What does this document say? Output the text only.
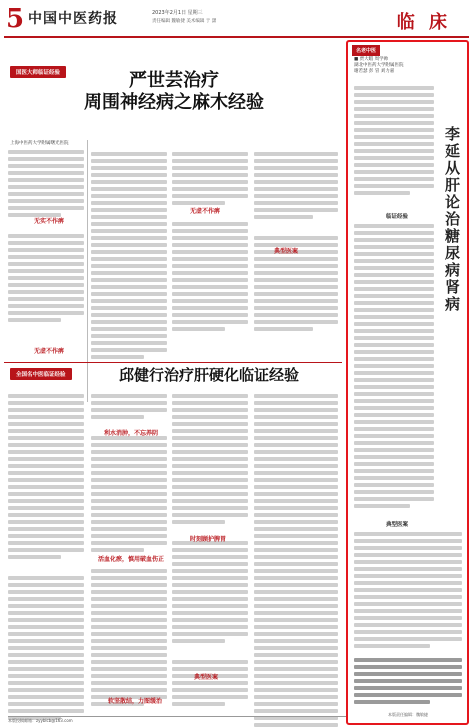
5 中国中医药报	2023年2月1日 星期三
责任编辑 魏敏捷 美术编辑 于 潇	临 床
国医大师临证经验	严世芸治疗
周围神经病之麻木经验
上海中医药大学附属曙光医院
无实不作痹
无虚不作痹
无虚不作痹
典型医案
全国名中医临证经验	邱健行治疗肝硬化临证经验
利水消肿，不忘养阴
活血化瘀，慎用破血伤正
软坚散结，力图缓治
时刻顾护脾胃
典型医案
本版投稿邮箱：zyyblcb@163.com
名老中医
■ 贾大暇 周学帅
湖北中医药大学附属医院
谢若瑟 彭 冒 刘力嘉
李延从肝论治糖尿病肾病
临证经验
典型医案
本版责任编辑：魏敏捷
